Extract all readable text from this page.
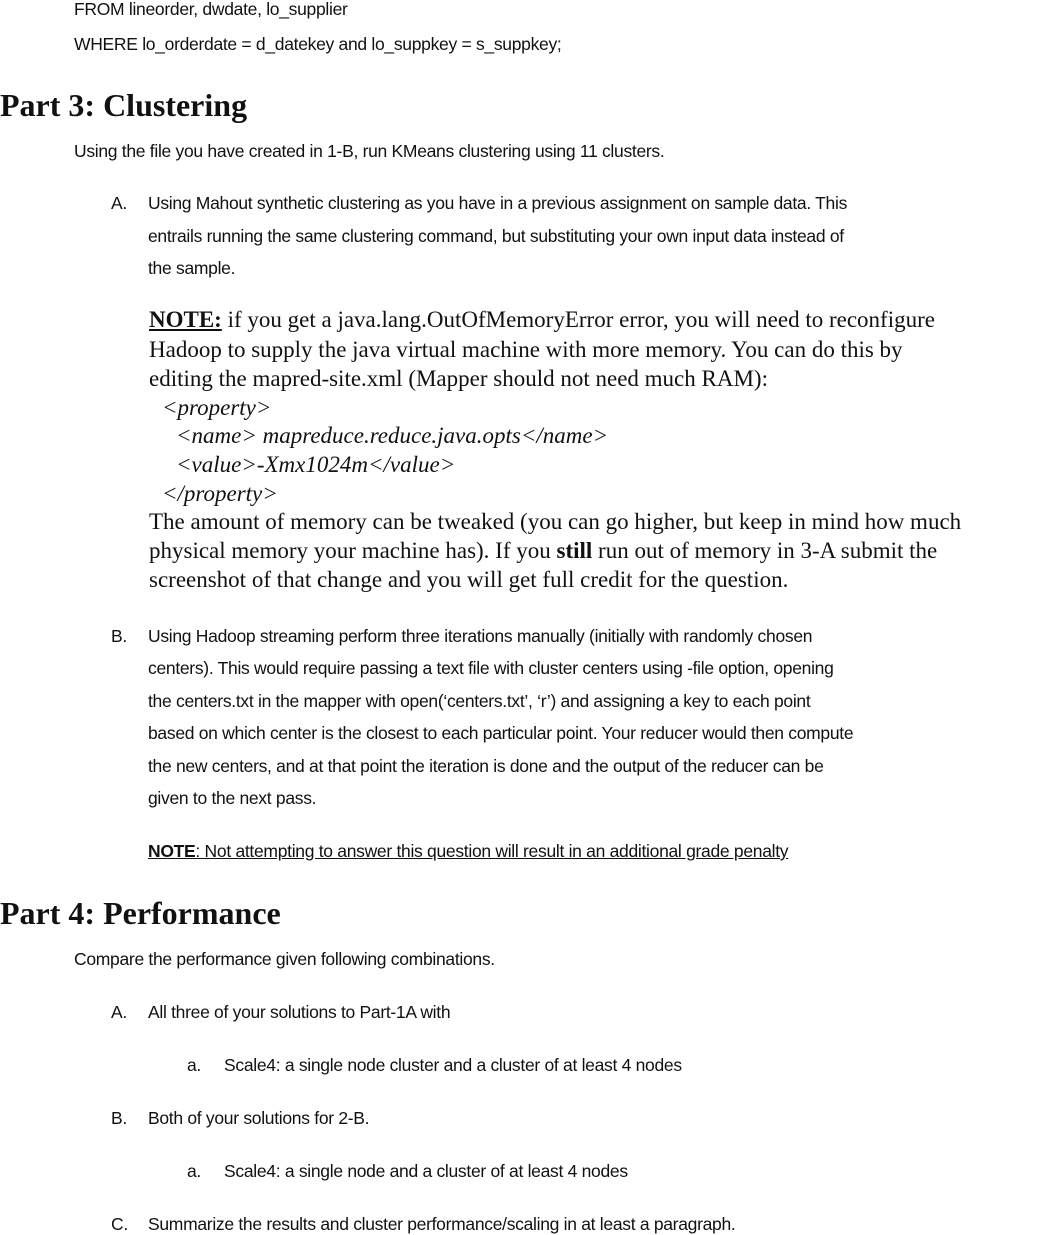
FROM lineorder, dwdate, lo_supplier
WHERE lo_orderdate = d_datekey and lo_suppkey = s_suppkey;
Part 3: Clustering
Using the file you have created in 1-B, run KMeans clustering using 11 clusters.
A. Using Mahout synthetic clustering as you have in a previous assignment on sample data. This
entrails running the same clustering command, but substituting your own input data instead of
the sample.
NOTE: if you get a java.lang.OutOfMemoryError error, you will need to reconfigure
Hadoop to supply the java virtual machine with more memory. You can do this by
editing the mapred-site.xml (Mapper should not need much RAM):
<property>
<name> mapreduce.reduce.java.opts</name>
<value>-Xmx1024m</value>
</property>
The amount of memory can be tweaked (you can go higher, but keep in mind how much
physical memory your machine has). If you still run out of memory in 3-A submit the
screenshot of that change and you will get full credit for the question.
B. Using Hadoop streaming perform three iterations manually (initially with randomly chosen
centers). This would require passing a text file with cluster centers using -file option, opening
the centers.txt in the mapper with open(‘centers.txt’, ‘r’) and assigning a key to each point
based on which center is the closest to each particular point. Your reducer would then compute
the new centers, and at that point the iteration is done and the output of the reducer can be
given to the next pass.
NOTE: Not attempting to answer this question will result in an additional grade penalty
Part 4: Performance
Compare the performance given following combinations.
A. All three of your solutions to Part-1A with
a. Scale4: a single node cluster and a cluster of at least 4 nodes
B. Both of your solutions for 2-B.
a. Scale4: a single node and a cluster of at least 4 nodes
C. Summarize the results and cluster performance/scaling in at least a paragraph.
